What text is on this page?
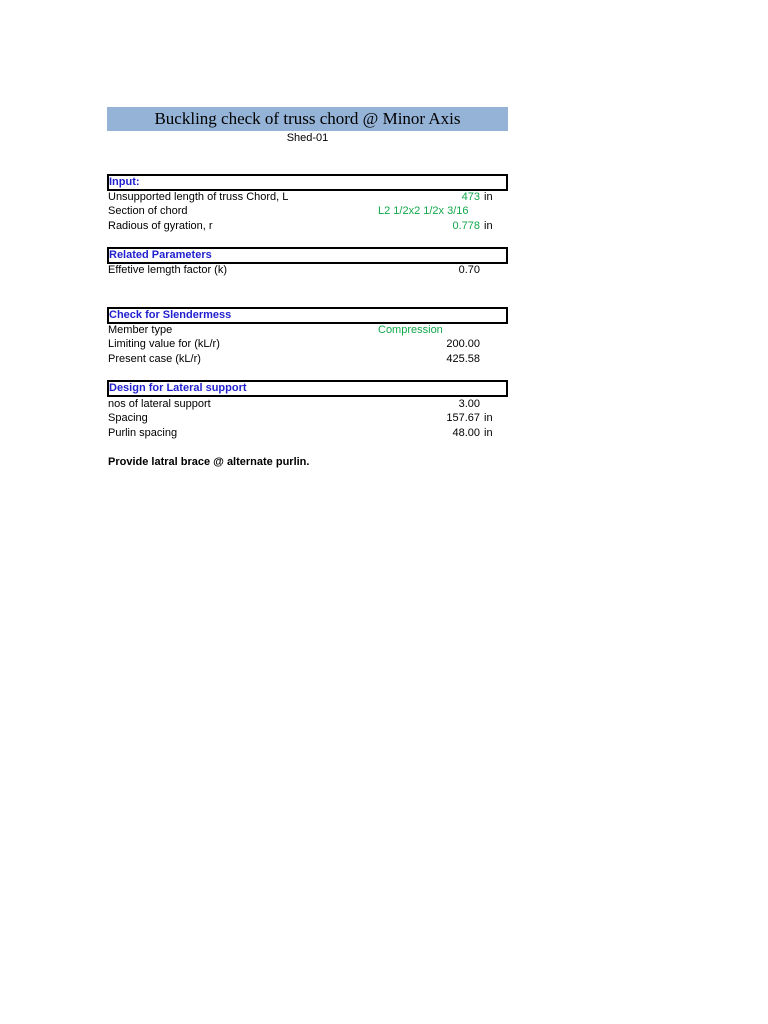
Buckling check of truss chord @ Minor Axis
Shed-01
Input:
Unsupported length of truss Chord, L	473 in
Section of chord	L2 1/2x2 1/2x 3/16
Radious of gyration, r	0.778 in
Related Parameters
Effetive lemgth factor (k)	0.70
Check for Slendermess
Member type	Compression
Limiting value for (kL/r)	200.00
Present case (kL/r)	425.58
Design for Lateral support
nos of lateral support	3.00
Spacing	157.67 in
Purlin spacing	48.00 in
Provide latral brace @ alternate purlin.
